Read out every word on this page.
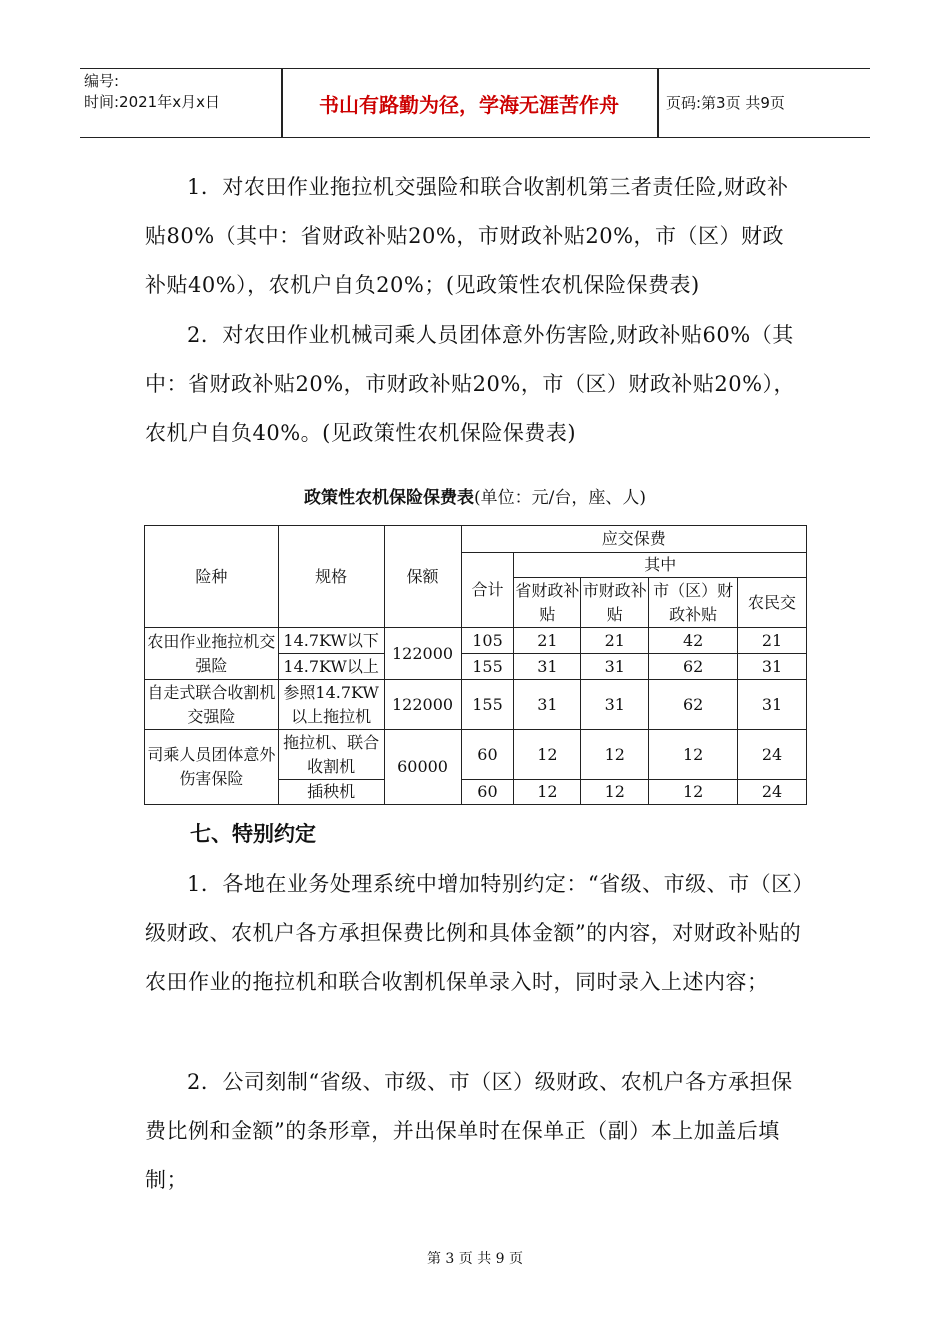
编号:
时间:2021年x月x日	书山有路勤为径，学海无涯苦作舟	页码:第3页 共9页

1．对农田作业拖拉机交强险和联合收割机第三者责任险,财政补贴80%（其中：省财政补贴20%，市财政补贴20%，市（区）财政补贴40%），农机户自负20%；(见政策性农机保险保费表)

2．对农田作业机械司乘人员团体意外伤害险,财政补贴60%（其中：省财政补贴20%，市财政补贴20%，市（区）财政补贴20%），农机户自负40%。(见政策性农机保险保费表)

政策性农机保险保费表(单位：元/台，座、人)
险种	规格	保额	应交保费				
			合计	其中			
				省财政补贴	市财政补贴	市（区）财政补贴	农民交
农田作业拖拉机交强险	14.7KW以下	122000	105	21	21	42	21
	14.7KW以上		155	31	31	62	31
自走式联合收割机交强险	参照14.7KW以上拖拉机	122000	155	31	31	62	31
司乘人员团体意外伤害保险	拖拉机、联合收割机	60000	60	12	12	12	24
	插秧机		60	12	12	12	24
七、特别约定

1．各地在业务处理系统中增加特别约定：“省级、市级、市（区）级财政、农机户各方承担保费比例和具体金额”的内容，对财政补贴的农田作业的拖拉机和联合收割机保单录入时，同时录入上述内容；

2．公司刻制“省级、市级、市（区）级财政、农机户各方承担保费比例和金额”的条形章，并出保单时在保单正（副）本上加盖后填制；

第 3 页 共 9 页
